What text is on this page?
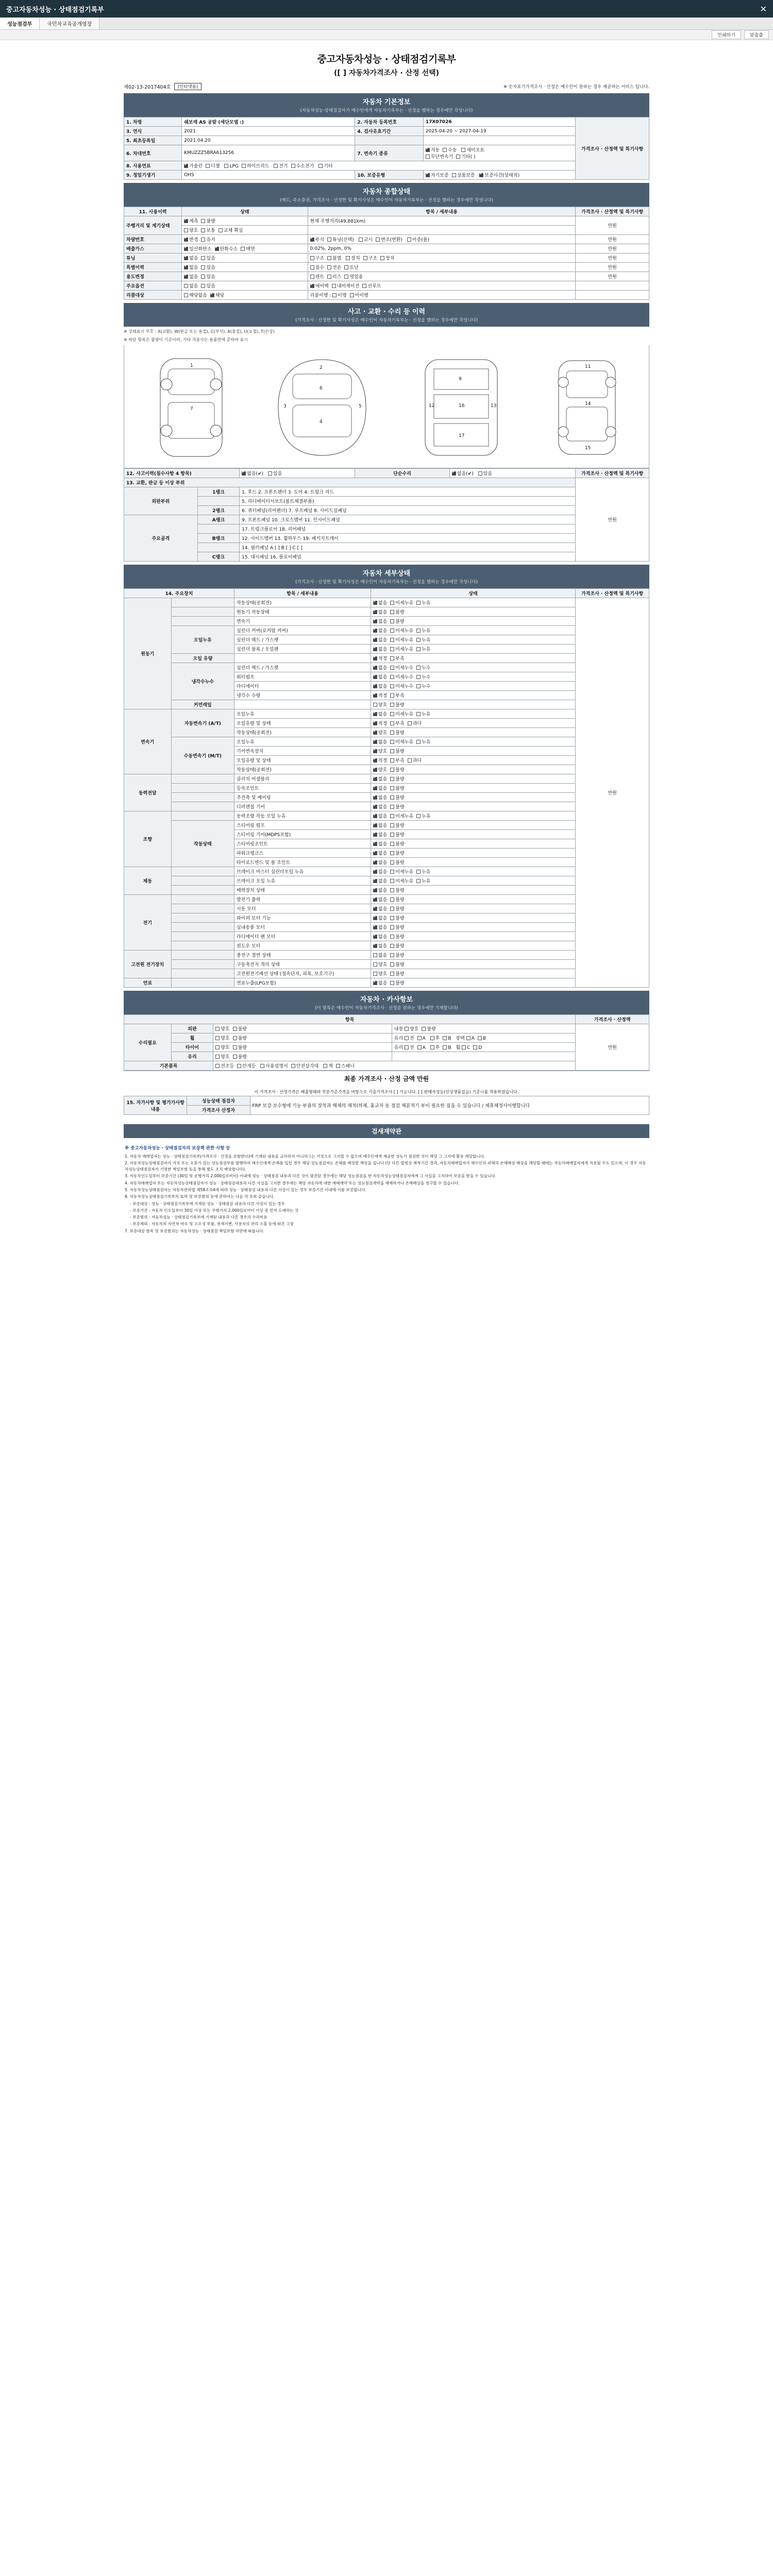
중고자동차성능 · 상태점검기록부	✕
성능점검부	국민차교육공개영장
인쇄하기	맞춤출
중고자동차성능 · 상태점검기록부
([ ] 자동차가격조사 · 산정 선택)
제02-13-2017404호	(인터넷용)	※ 숫자표기가격조사 · 산정은 매수인이 원하는 경우 제공하는 서비스 입니다.
자동차 기본정보
(자동차성능·상태점검자가 매수인에게 자동차기록부는 · 선정을 했하는 경우에만 작성니다)
1. 차명	쉐보레 AS 공맞 (세단모델 :)	2. 자동차 등록번호	17X07026	가격조사 · 산정액 및 특기사항
3. 연식	2021	4. 검사유효기간	2025-04-20 ~ 2027-04-19	
5. 최초등록일	2021.04.20			
6. 차대번호	KMUZZZ5BRA613256	7. 변속기 종류	✔자동 수동 세미오토
무단변속기 기타( )
8. 사용연료	✔가솔린 디젤 LPG 하이브리드 전기 수소전기 기타
9. 정밀기생기	OHS	10. 보증유형	✔자기보증 상품보증 ✔ 보증사건(상태적)
자동차 종합상태
(매도, 주소증권, 가격조사 · 산정한 및 확기사성은 매수인이 자동차기록부는 · 선정을 했하는 경우에만 작성니다)
11. 사용이력	상태	항목 / 세부내용	가격조사 · 산정액 및 특기사항
주행거리 및 계기상태	✔계측 불량	현재 주행거리(49,881km)	만원
	양호 보통 교체 확실		
차량번호	✔변경 유지	✔부식 튜닝(선택) 교시 변조(변환) 이중(불)	만원
배출가스	✔일산화탄소 ✔ 탄화수소 매연	0.02%, 2ppm, 0%	만원
튜닝	✔없음 있음	구조 불법 장치 구조 장치	만원
특별이력	✔없음 있음	침수 전손 도난	만원
용도변경	✔없음 있음	렌트 리스 영업용	만원
주요옵션	없음 있음	✔에어백 내비게이션 선루프	
리콜대상	해당없음 ✔ 해당	리콜이행 : 이행 미이행	
사고 · 교환 · 수리 등 이력
(가격조사 · 산정한 및 확기사성은 매수인이 자동차기록부는 · 선정을 했하는 경우에만 작성니다)
※ 상태표시 부호 : X(교환), W(판금 또는 용접), C(부식), A(흠집), U(요철), T(손상)
※ 하단 항목은 불량이 기준이며, 기타 각종사는 용품면에 준하여 표시
1
7
2
6
4
3	5
9
16
17
12	13
11
14
15
12. 사고이력(침수사항 4 항목)	✔없음(✔) 있음	단순수리	✔없음(✔) 있음	가격조사 · 산정액 및 특기사항
13. 교환, 판금 등 이상 부위					만원
외판부위	1랭크	1. 후드 2. 프론트펜더 3. 도어 4. 트렁크 리드			
		5. 라디에이터서포트(볼트체결부품)			
	2랭크	6. 쿼터패널(리어펜더) 7. 루프패널 8. 사이드실패널			
주요골격	A랭크	9. 프론트패널 10. 크로스멤버 11. 인사이드패널			
		17. 트렁크플로어 18. 리어패널			
	B랭크	12. 사이드멤버 13. 휠하우스 19. 패키지트레이			
		14. 필러패널 A [ ] B [ ] C [ ]			
	C랭크	15. 대시패널 16. 플로어패널			
자동차 세부상태
(가격조사 · 산정한 및 확기사성은 매수인이 자동차기록부는 · 선정을 했하는 경우에만 작성니다)
14. 주요장치		항목 / 세부내용	상태	가격조사 · 산정액 및 특기사항
원동기		작동상태(공회전)	✔없음 미세누유 누유	만원
		원동기 작동상태	✔없음 불량
		변속기	✔없음 불량
	오일누유	실린더 커버(로커암 커버)	✔없음 미세누유 누유
		실린더 헤드 / 가스켓	✔없음 미세누유 누유
		실린더 블록 / 오일팬	✔없음 미세누유 누유
	오일 유량		✔적정 부족
	냉각수누수	실린더 헤드 / 가스켓	✔없음 미세누수 누수
		워터펌프	✔없음 미세누수 누수
		라디에이터	✔없음 미세누수 누수
		냉각수 수량	✔적정 부족
	커먼레일		양호 불량	
변속기	자동변속기 (A/T)	오일누유	✔없음 미세누유 누유
		오일유량 및 상태	✔적정 부족 과다
		작동상태(공회전)	✔양호 불량
	수동변속기 (M/T)	오일누유	✔없음 미세누유 누유
		기어변속장치	✔양호 불량
		오일유량 및 상태	✔적정 부족 과다
		작동상태(공회전)	✔양호 불량
동력전달		클러치 어셈블리	✔없음 불량
		등속조인트	✔없음 불량
		추진축 및 베어링	✔없음 불량
		디퍼렌셜 기어	✔없음 불량
조향		동력조향 작동 오일 누유	✔없음 미세누유 누유
	작동상태	스티어링 펌프	✔없음 불량
		스티어링 기어(MDPS포함)	✔없음 불량
		스티어링조인트	✔없음 불량
		파워크랭크스	✔없음 불량
		타이로드엔드 및 볼 조인트	✔없음 불량
제동		브레이크 마스터 실린더오일 누유	✔없음 미세누유 누유
		브레이크 오일 누유	✔없음 미세누유 누유
		배력장치 상태	✔없음 불량
전기		발전기 출력	✔없음 불량
		시동 모터	✔없음 불량
		와이퍼 모터 기능	✔없음 불량
		실내송풍 모터	✔없음 불량
		라디에이터 팬 모터	✔없음 불량
		윈도우 모터	✔없음 불량
고전원 전기장치		충전구 절연 상태	없음 불량	
		구동축전지 격리 상태	양호 불량	
		고전원전기배선 상태 (접속단자, 피복, 보호기구)	양호 불량	
연료		연료누출(LPG포함)	✔없음 불량
자동차 · 카사항보
(이 항목은 매수인이 자동차가격조사 · 산정을 원하는 경우에만 기재합니다)
항목				가격조사 · 산정액
수리필요	외판	양호 불량	내장 양호 불량	만원
	휠	양호 불량	유리 전 A 후 B 광택 A B	
	타이어	양호 불량	유리 전 A 후 B 휠 C D	
	유리	양호 불량		
기본품목		전조등 안개등 사용설명서 안전삼각대 잭 스패너		
최종 가격조사 · 산정 금액 만원
이 가격조사 · 산정가격은 배출형태와 부분가준가격을 바탕으로 기술가격조사 [ ] 가능니다. [ ] 판매자성능(인상생품질을) 기준니를 적용하였습니다.
15. 자가사항 및 평가가사항 내용	성능상태 점검자	FRP 보강·보수형에 기능 부품의 장착과 해체의 체적(하체, 홈교차 동 점검 체분적기 부이 필요한 집을 수 있습니다 / 제휴체경사이행합니다
가격조사 산정자
검새재약관
※ 중고자동차성능 · 상태점검자의 보장책 관한 사항 등

1. 자동차 매매업자는 성능 · 상태점검기록부(가격조사 · 산정을 포함한다)에 기재된 내용을 교차하지 아니하고는 거짓으로 고지할 수 없으며 매수인에게 제공한 성능기 점검한 것이 해당 그 고지에 활용 해당합니다.

2. 자동차성능상태점검자가 거짓 또는 오류가 있는 성능점검부를 발행하여 매수인에게 손해를 입힌 경우 해당 성능점검자는 손해를 배상할 책임을 집니다 (단 다른 법령상 제척기간 경과, 자동차매매업자가 매수인의 피해의 손해배상 배상을 해당할 때에는 자동차매매업자에게 적용될 수도 있으며, 이 경우 자동차성능상태점검자가 기명한 책임보험 등을 통해 별도 조치 배상합니다).

3. 자동차인도일부터 보증기간 (30일 및 운행거리 2,000킬로미터) 이내에 성능 · 상태점검 내용과 다른 것이 발견된 경우에는 해당 성능점검을 한 자동차성능상태점검자에게 그 사실을 고지하여 보증을 받을 수 있습니다.

4. 자동차매매업자 또는 자동차성능상태점검자가 성능 · 상태점검내용과 다른 사실을 고지한 경우에는 해당 자동차에 대한 매매계약 또는 성능점검계약을 해제하거나 손해배상을 청구할 수 있습니다.

5. 자동차성능상태점검자는 자동차관리법 제58조의4에 따라 성능 · 상태점검 내용과 다른 사실이 있는 경우 보증기간 이내에 이를 보증합니다.

6. 자동차성능상태점검기록부의 효력 및 보증범위 등에 관하여는 다음 각 호와 같습니다.

- 보증대상 : 성능 · 상태점검기록부에 기재된 성능 · 상태점검 내용과 다른 사실이 있는 경우

- 보증기간 : 자동차 인도일부터 30일 이상 또는 주행거리 2,000킬로미터 이상 중 먼저 도래하는 것

- 보증범위 : 자동차성능 · 상태점검기록부에 기재된 내용과 다른 경우의 수리비용

- 보증제외 : 자동차의 자연적 마모 및 소모성 부품, 천재지변, 사용자의 관리 소홀 등에 따른 고장

7. 보증대상 항목 및 보증범위는 자동차성능 · 상태점검 책임보험 약관에 따릅니다.
